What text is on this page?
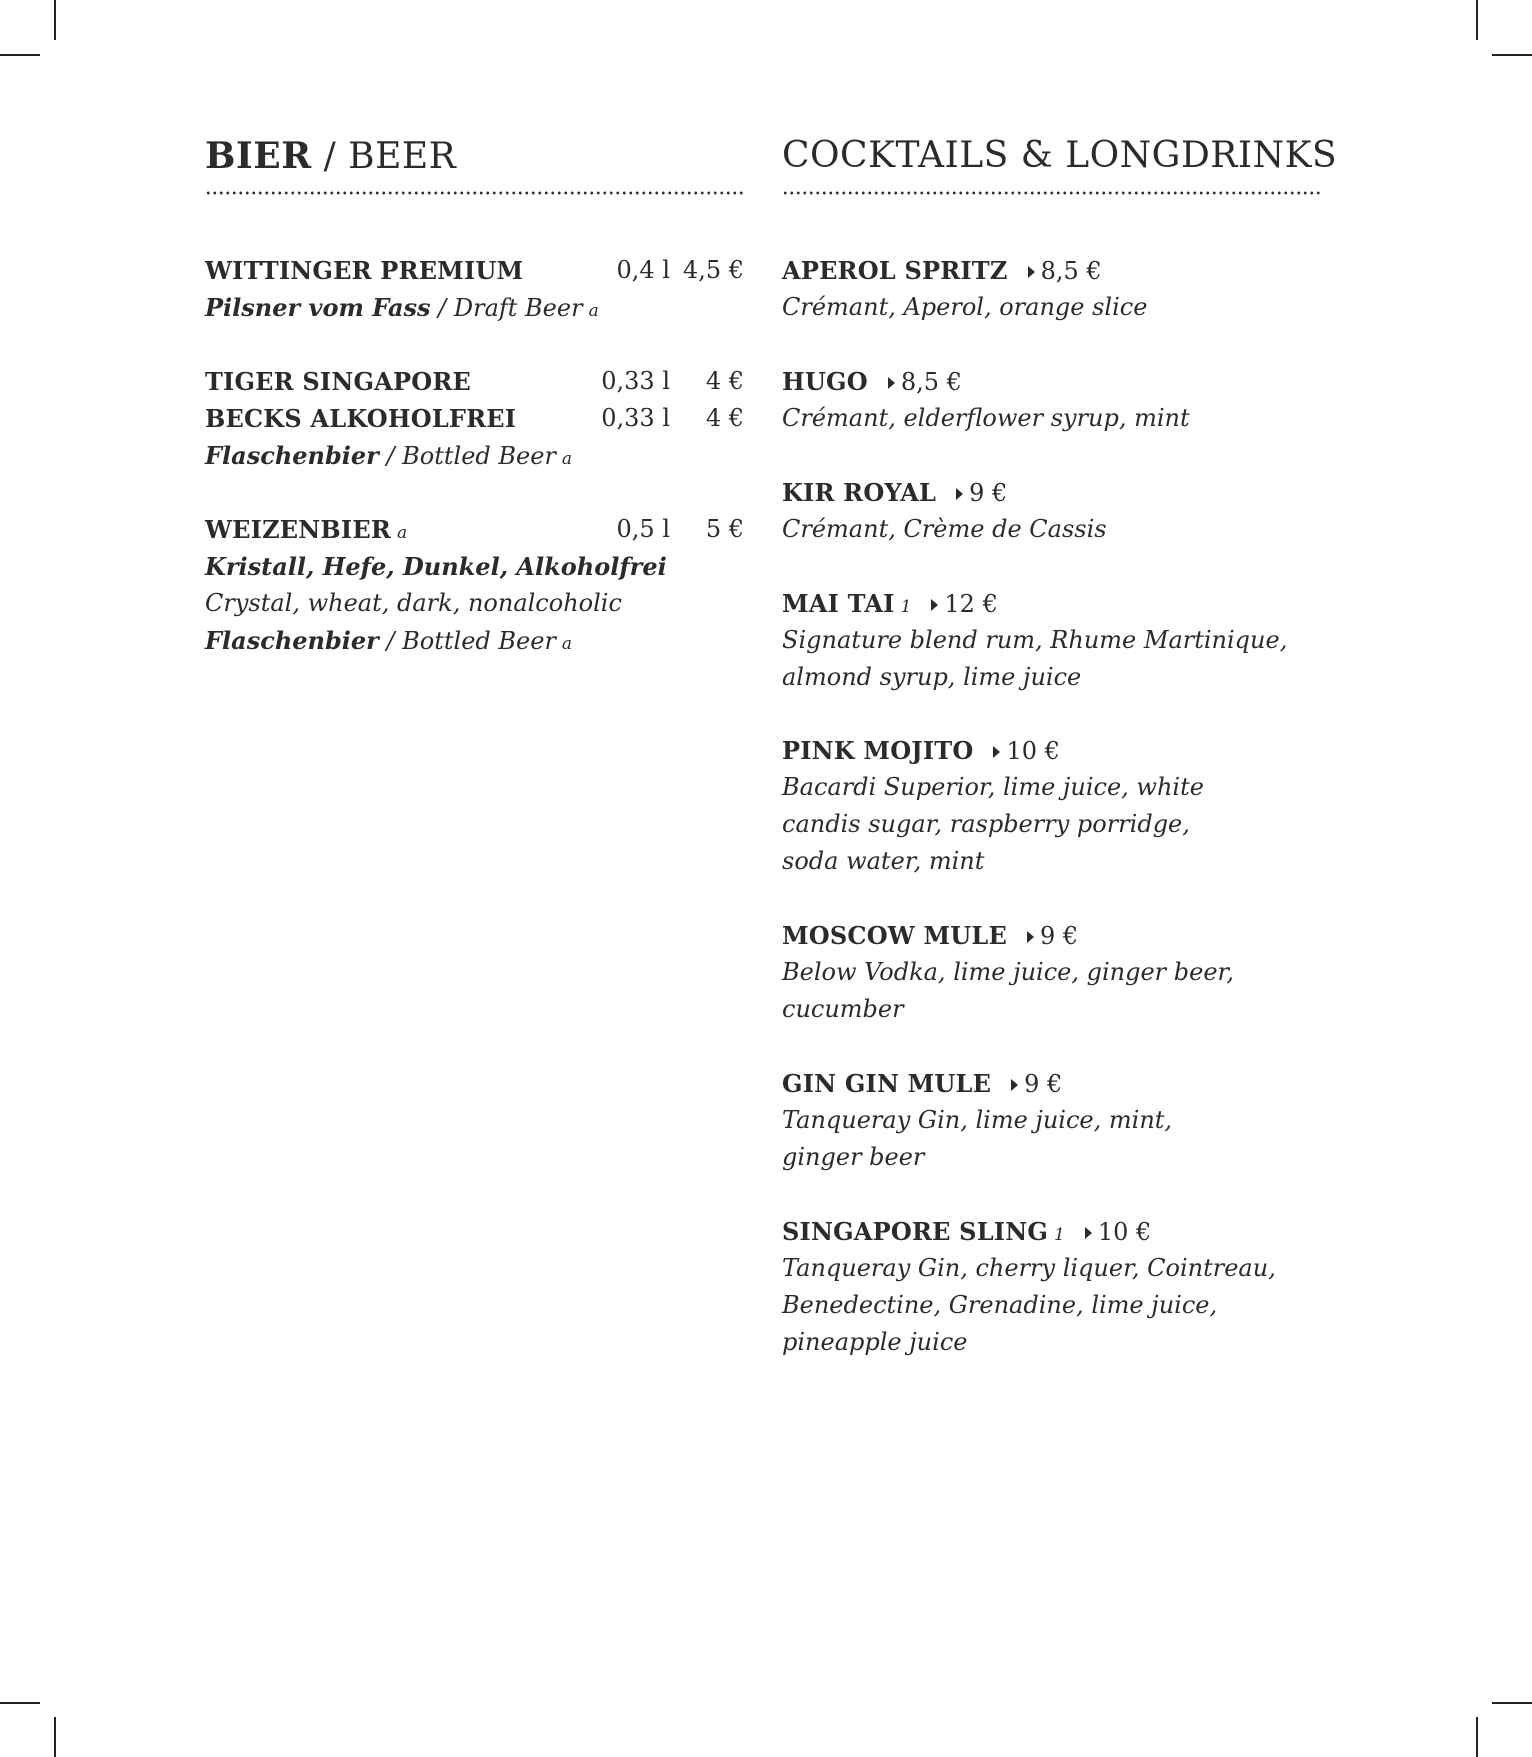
BIER / BEER
WITTINGER PREMIUM	0,4 l 4,5 €
Pilsner vom Fass / Draft Beer a
TIGER SINGAPORE	0,33 l 4 €
BECKS ALKOHOLFREI	0,33 l 4 €
Flaschenbier / Bottled Beer a
WEIZENBIER a	0,5 l 5 €
Kristall, Hefe, Dunkel, Alkoholfrei
Crystal, wheat, dark, nonalcoholic
Flaschenbier / Bottled Beer a
COCKTAILS & LONGDRINKS
APEROL SPRITZ 8,5 €
Crémant, Aperol, orange slice
HUGO 8,5 €
Crémant, elderflower syrup, mint
KIR ROYAL 9 €
Crémant, Crème de Cassis
MAI TAI 1 12 €
Signature blend rum, Rhume Martinique,
almond syrup, lime juice
PINK MOJITO 10 €
Bacardi Superior, lime juice, white
candis sugar, raspberry porridge,
soda water, mint
MOSCOW MULE 9 €
Below Vodka, lime juice, ginger beer,
cucumber
GIN GIN MULE 9 €
Tanqueray Gin, lime juice, mint,
ginger beer
SINGAPORE SLING 1 10 €
Tanqueray Gin, cherry liquer, Cointreau,
Benedectine, Grenadine, lime juice,
pineapple juice
